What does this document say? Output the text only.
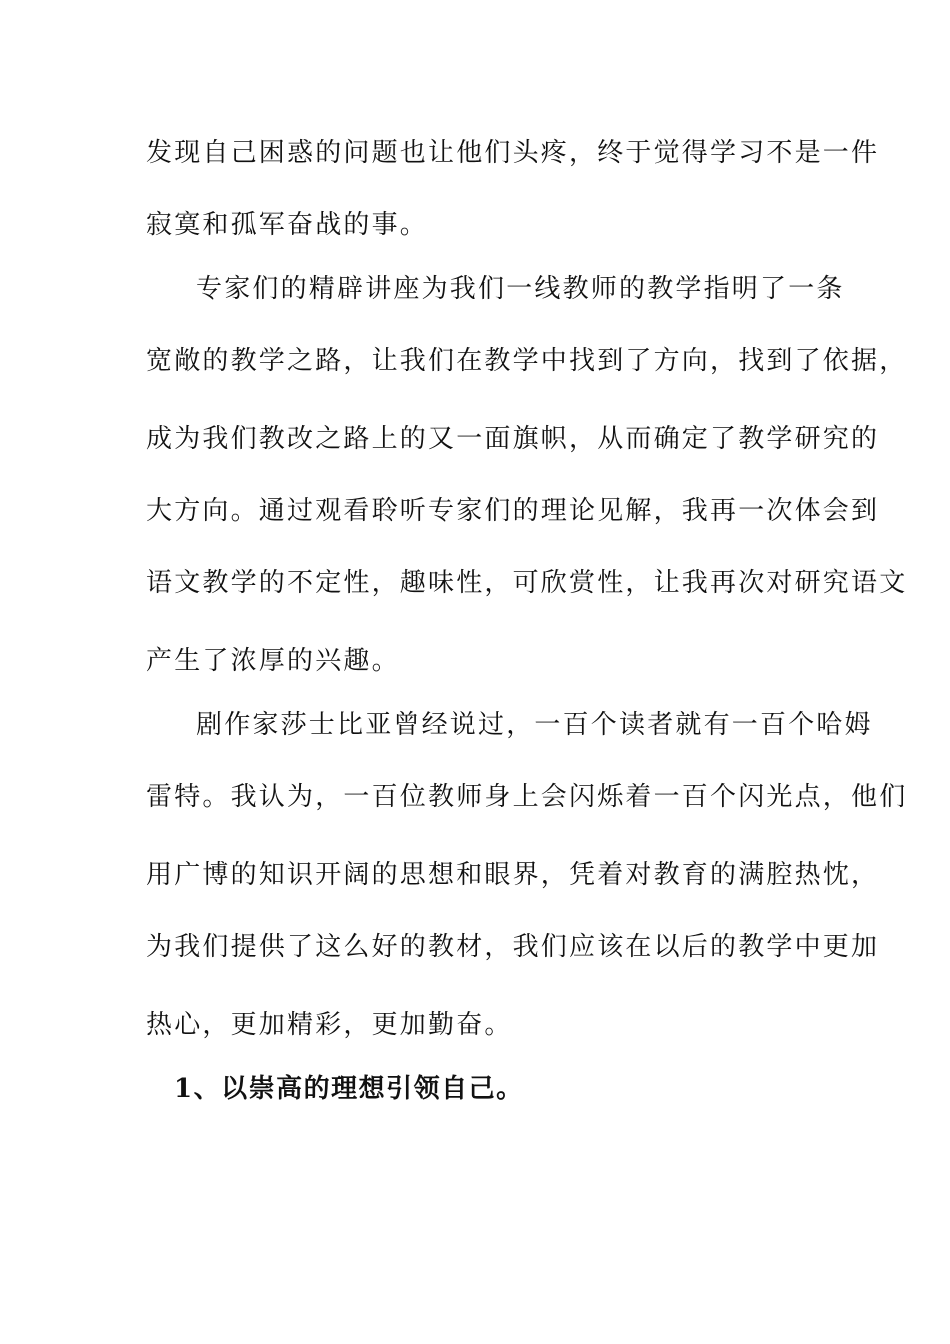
发现自己困惑的问题也让他们头疼，终于觉得学习不是一件
寂寞和孤军奋战的事。
专家们的精辟讲座为我们一线教师的教学指明了一条
宽敞的教学之路，让我们在教学中找到了方向，找到了依据，
成为我们教改之路上的又一面旗帜，从而确定了教学研究的
大方向。通过观看聆听专家们的理论见解，我再一次体会到
语文教学的不定性，趣味性，可欣赏性，让我再次对研究语文
产生了浓厚的兴趣。
剧作家莎士比亚曾经说过，一百个读者就有一百个哈姆
雷特。我认为，一百位教师身上会闪烁着一百个闪光点，他们
用广博的知识开阔的思想和眼界，凭着对教育的满腔热忱，
为我们提供了这么好的教材，我们应该在以后的教学中更加
热心，更加精彩，更加勤奋。
1、以崇高的理想引领自己。
